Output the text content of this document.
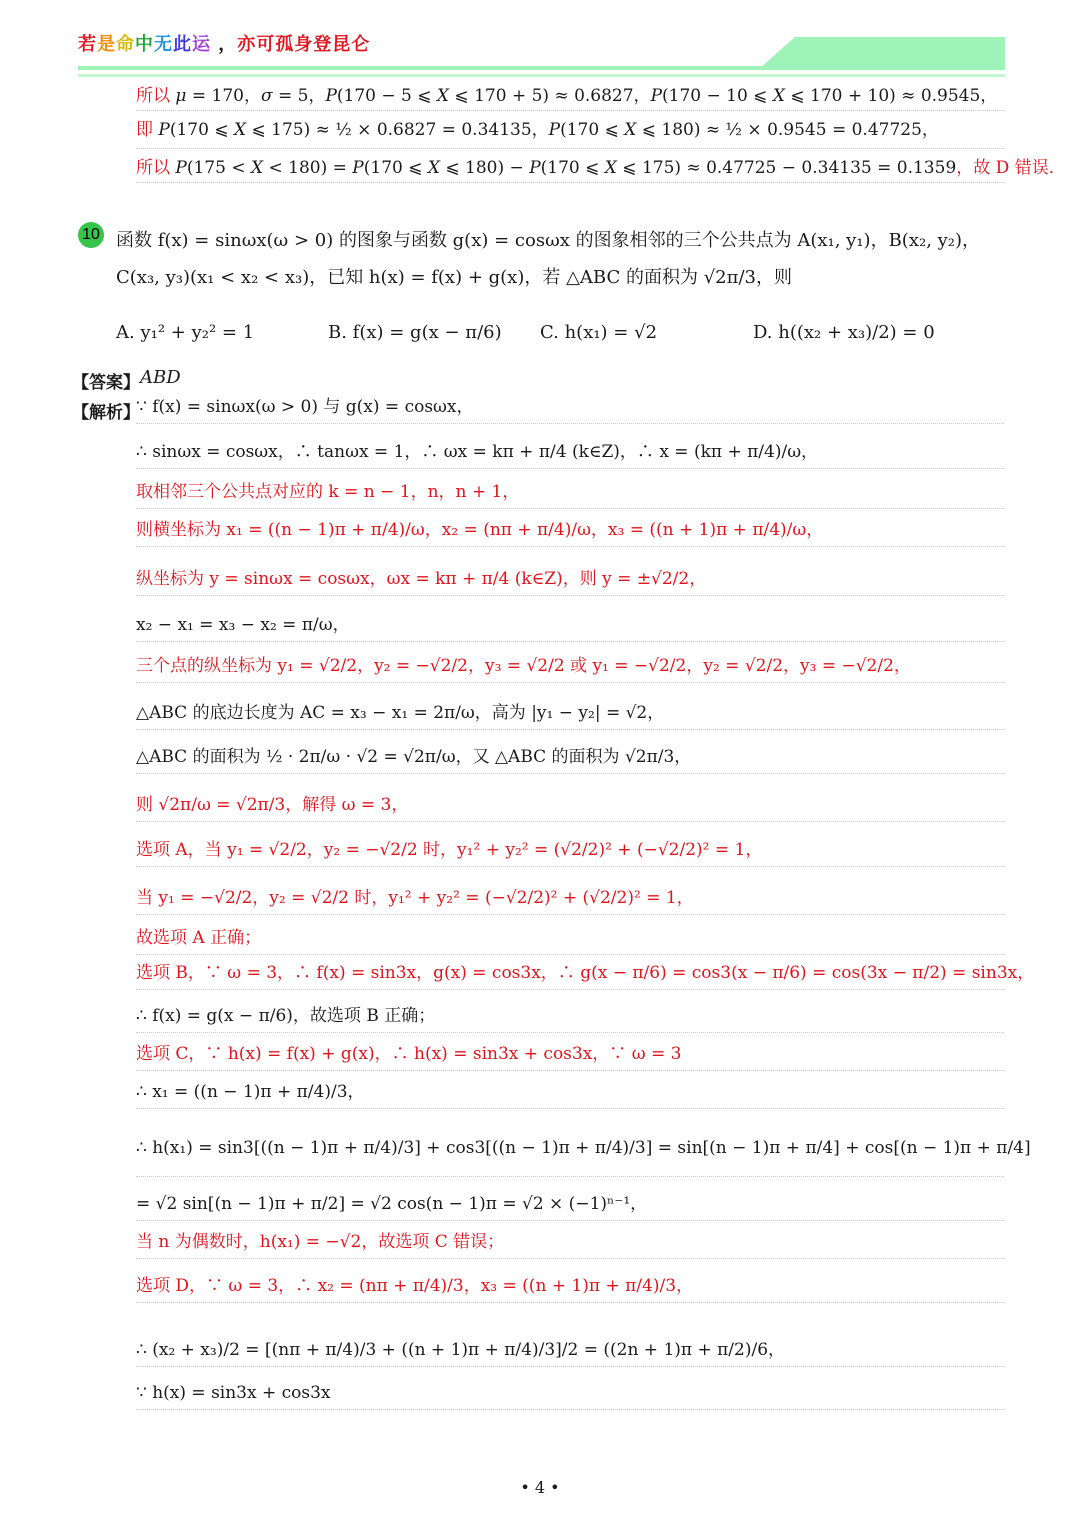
若是命中无此运 ，亦可孤身登昆仑
所以 μ = 170，σ = 5，P(170 − 5 ⩽ X ⩽ 170 + 5) ≈ 0.6827，P(170 − 10 ⩽ X ⩽ 170 + 10) ≈ 0.9545，
即 P(170 ⩽ X ⩽ 175) ≈ ½ × 0.6827 = 0.34135，P(170 ⩽ X ⩽ 180) ≈ ½ × 0.9545 = 0.47725，
所以 P(175 < X < 180) = P(170 ⩽ X ⩽ 180) − P(170 ⩽ X ⩽ 175) ≈ 0.47725 − 0.34135 = 0.1359，故 D 错误．
10 函数 f(x) = sinωx(ω > 0) 的图象与函数 g(x) = cosωx 的图象相邻的三个公共点为 A(x₁, y₁)，B(x₂, y₂)，
C(x₃, y₃)(x₁ < x₂ < x₃)，已知 h(x) = f(x) + g(x)，若 △ABC 的面积为 √2π/3，则
A. y₁² + y₂² = 1	B. f(x) = g(x − π/6) C. h(x₁) = √2	D. h((x₂ + x₃)/2) = 0
【答案】 ABD
【解析】
∵ f(x) = sinωx(ω > 0) 与 g(x) = cosωx，
∴ sinωx = cosωx，∴ tanωx = 1，∴ ωx = kπ + π/4 (k∈Z)，∴ x = (kπ + π/4)/ω，
取相邻三个公共点对应的 k = n − 1，n，n + 1，
则横坐标为 x₁ = ((n − 1)π + π/4)/ω，x₂ = (nπ + π/4)/ω，x₃ = ((n + 1)π + π/4)/ω，
纵坐标为 y = sinωx = cosωx，ωx = kπ + π/4 (k∈Z)，则 y = ±√2/2，
x₂ − x₁ = x₃ − x₂ = π/ω，
三个点的纵坐标为 y₁ = √2/2，y₂ = −√2/2，y₃ = √2/2 或 y₁ = −√2/2，y₂ = √2/2，y₃ = −√2/2，
△ABC 的底边长度为 AC = x₃ − x₁ = 2π/ω，高为 |y₁ − y₂| = √2，
△ABC 的面积为 ½ · 2π/ω · √2 = √2π/ω，又 △ABC 的面积为 √2π/3，
则 √2π/ω = √2π/3，解得 ω = 3，
选项 A，当 y₁ = √2/2，y₂ = −√2/2 时，y₁² + y₂² = (√2/2)² + (−√2/2)² = 1，
当 y₁ = −√2/2，y₂ = √2/2 时，y₁² + y₂² = (−√2/2)² + (√2/2)² = 1，
故选项 A 正确；
选项 B，∵ ω = 3，∴ f(x) = sin3x，g(x) = cos3x，∴ g(x − π/6) = cos3(x − π/6) = cos(3x − π/2) = sin3x，
∴ f(x) = g(x − π/6)，故选项 B 正确；
选项 C，∵ h(x) = f(x) + g(x)，∴ h(x) = sin3x + cos3x，∵ ω = 3
∴ x₁ = ((n − 1)π + π/4)/3，
∴ h(x₁) = sin3[((n − 1)π + π/4)/3] + cos3[((n − 1)π + π/4)/3] = sin[(n − 1)π + π/4] + cos[(n − 1)π + π/4]
= √2 sin[(n − 1)π + π/2] = √2 cos(n − 1)π = √2 × (−1)ⁿ⁻¹，
当 n 为偶数时，h(x₁) = −√2，故选项 C 错误；
选项 D，∵ ω = 3，∴ x₂ = (nπ + π/4)/3，x₃ = ((n + 1)π + π/4)/3，
∴ (x₂ + x₃)/2 = [(nπ + π/4)/3 + ((n + 1)π + π/4)/3]/2 = ((2n + 1)π + π/2)/6，
∵ h(x) = sin3x + cos3x
• 4 •
